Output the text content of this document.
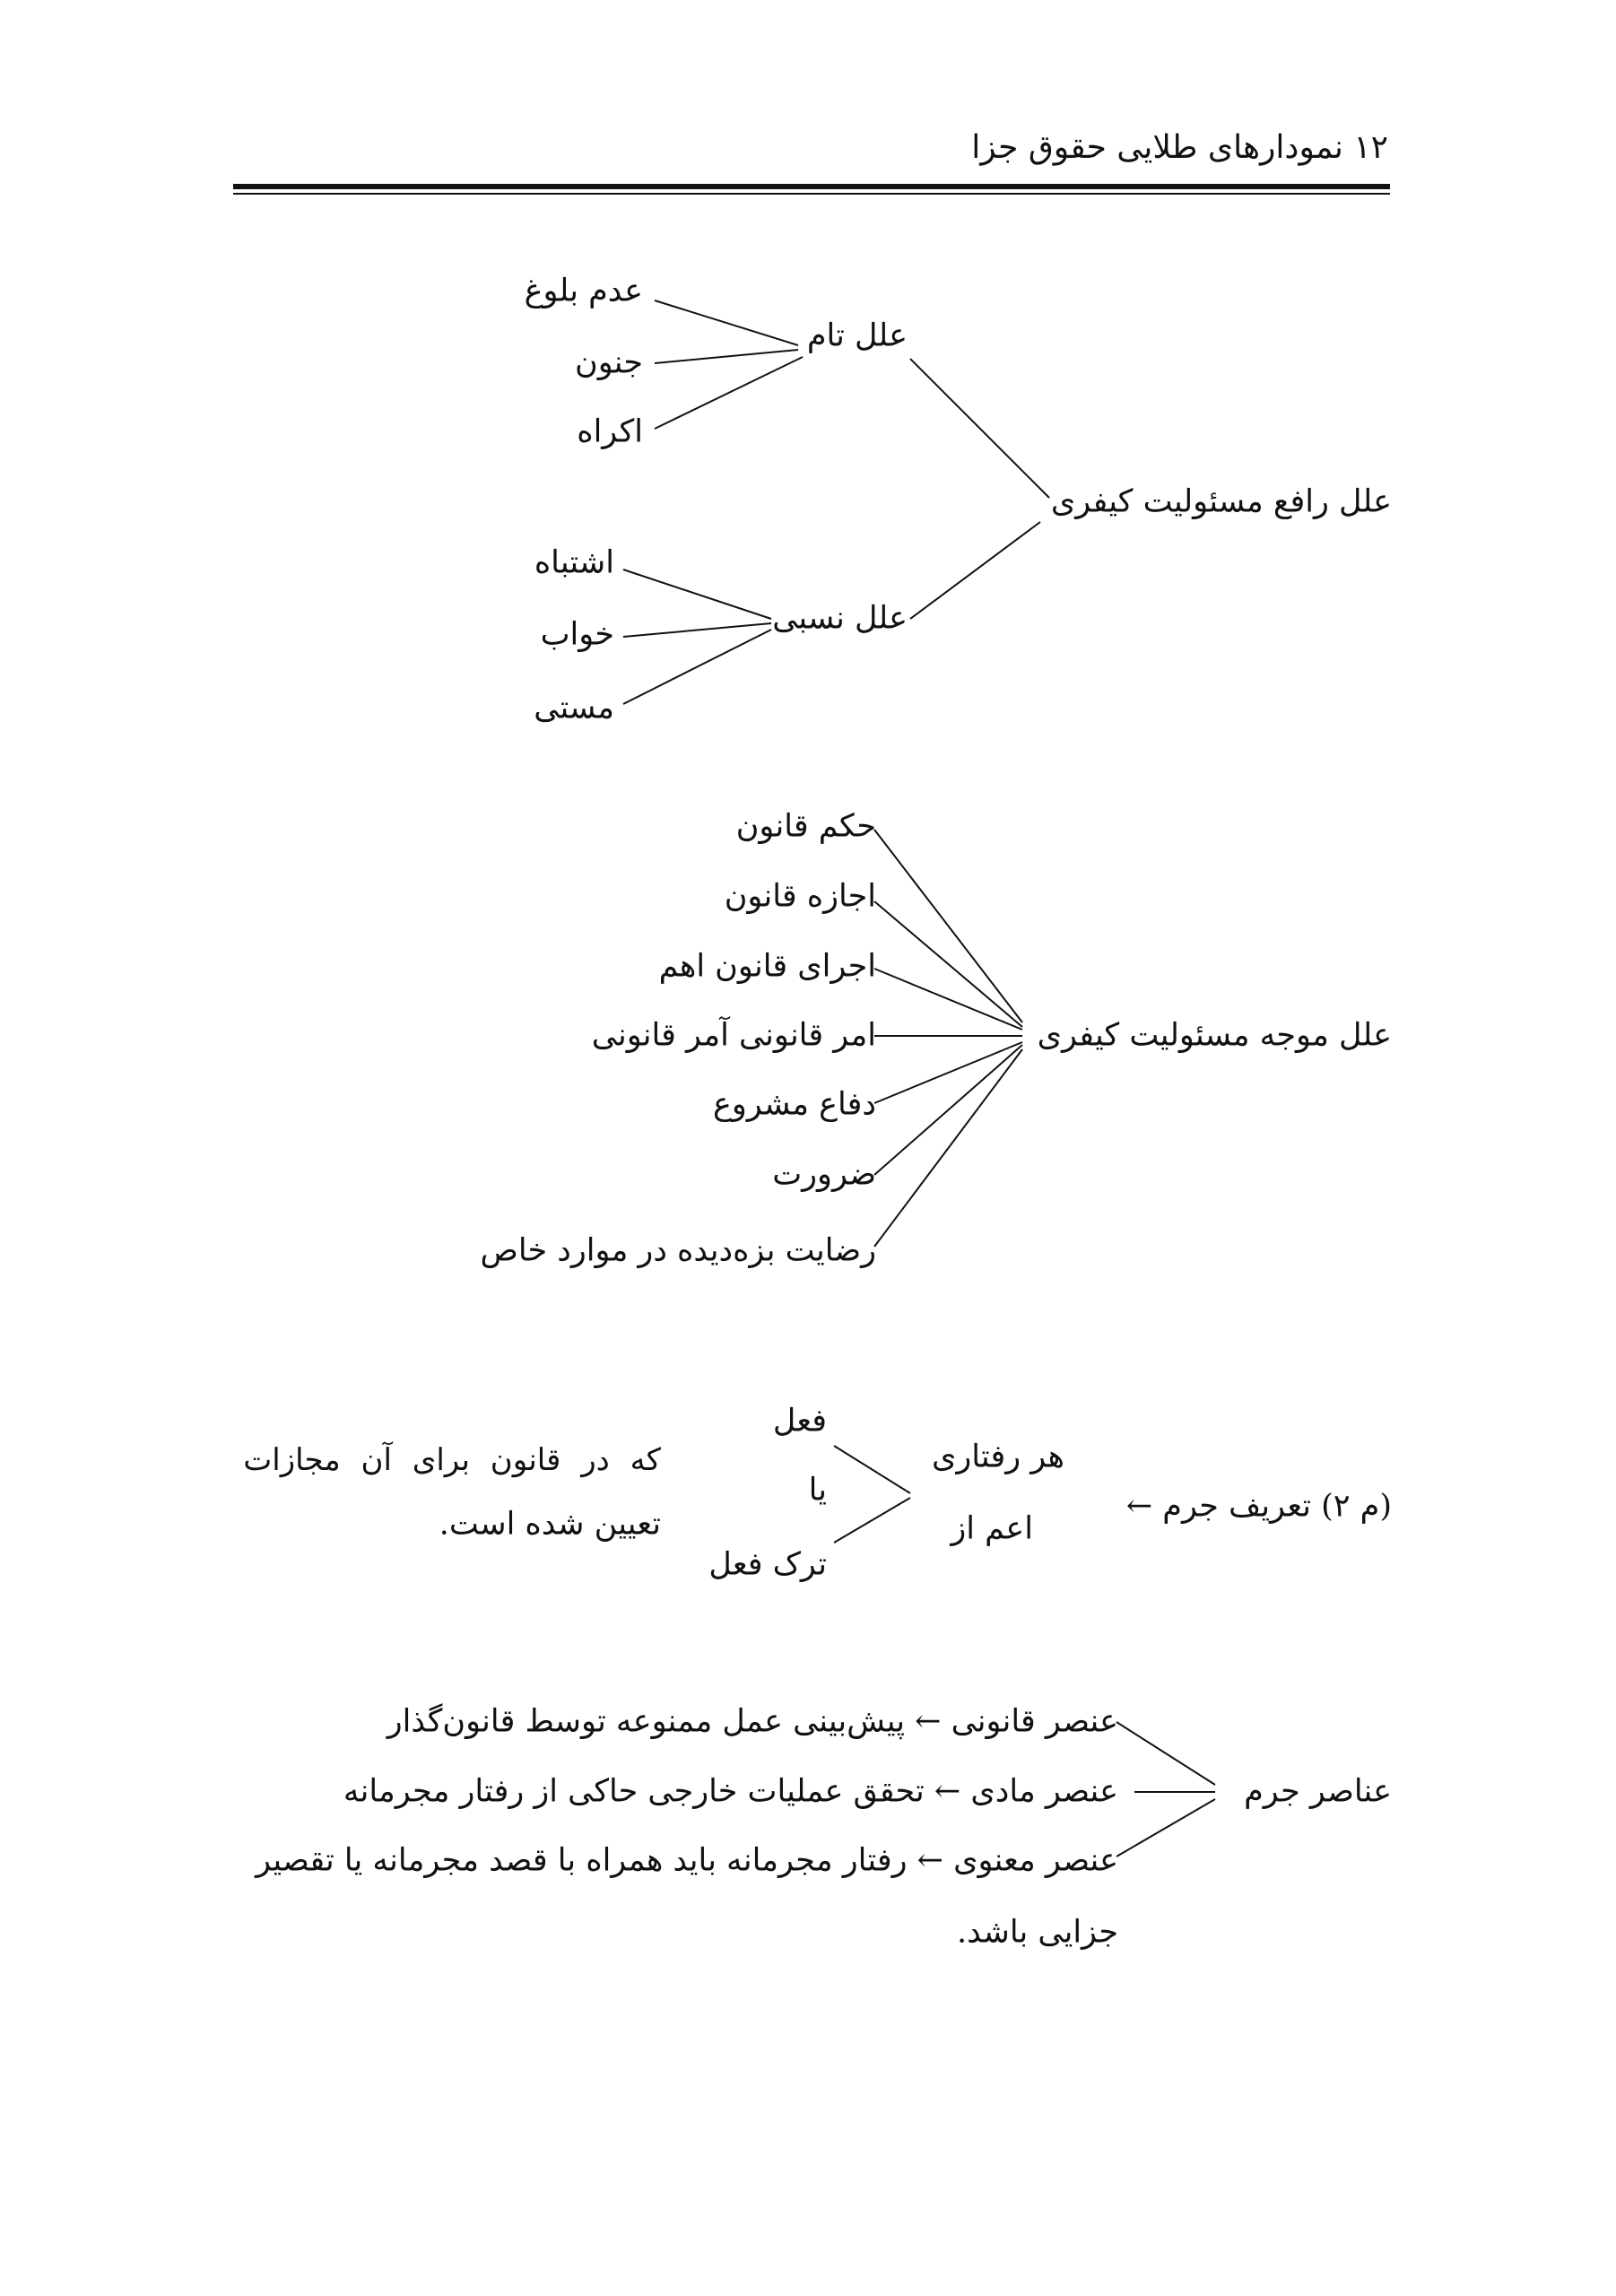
۱۲ نمودارهای طلایی حقوق جزا
علل رافع مسئولیت کیفری
علل تام
عدم بلوغ
جنون
اکراه
علل نسبی
اشتباه
خواب
مستی
علل موجه مسئولیت کیفری
حکم قانون
اجازه قانون
اجرای قانون اهم
امر قانونی آمر قانونی
دفاع مشروع
ضرورت
رضایت بزه‌دیده در موارد خاص
(م ۲) تعریف جرم ←
هر رفتاری
اعم از
فعل
یا
ترک فعل
که در قانون برای آن مجازات
تعیین شده است.
عناصر جرم
عنصر قانونی ← پیش‌بینی عمل ممنوعه توسط قانون‌گذار
عنصر مادی ← تحقق عملیات خارجی حاکی از رفتار مجرمانه
عنصر معنوی ← رفتار مجرمانه باید همراه با قصد مجرمانه یا تقصیر
جزایی باشد.
